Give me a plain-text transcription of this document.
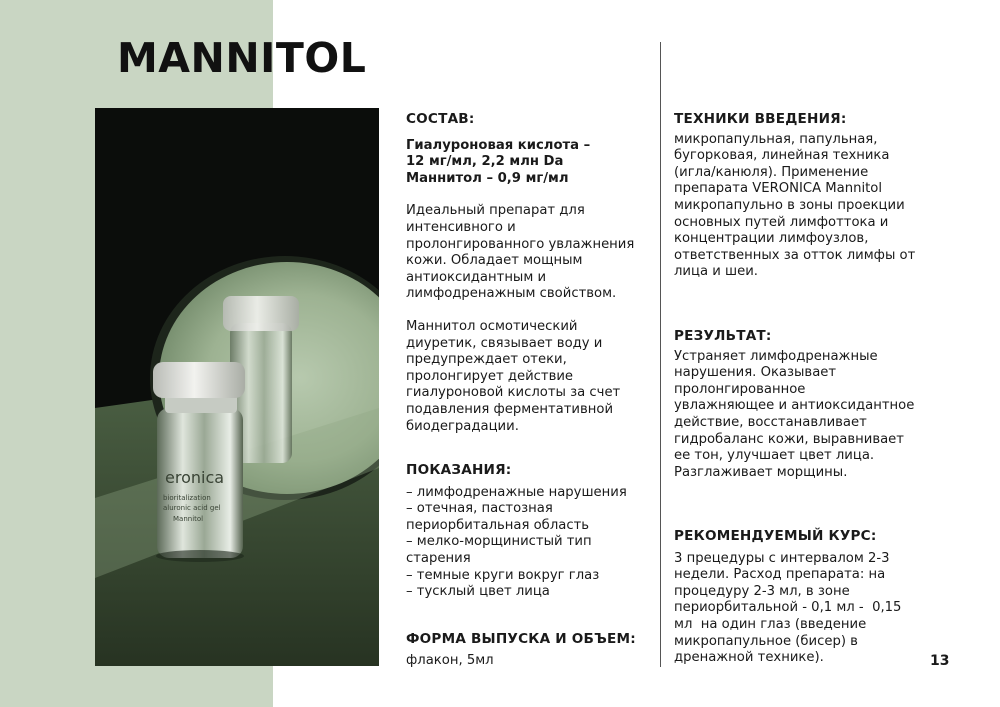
MANNITOL
eronica
bioritalization
aluronic acid gel
Mannitol

СОСТАВ:

Гиалуроновая кислота –

12 мг/мл, 2,2 млн Da

Маннитол – 0,9 мг/мл

Идеальный препарат для

интенсивного и

пролонгированного увлажнения

кожи. Обладает мощным

антиоксидантным и

лимфодренажным свойством.

Маннитол осмотический

диуретик, связывает воду и

предупреждает отеки,

пролонгирует действие

гиалуроновой кислоты за счет

подавления ферментативной

биодеградации.

ПОКАЗАНИЯ:

– лимфодренажные нарушения

– отечная, пастозная

периорбитальная область

– мелко-морщинистый тип

старения

– темные круги вокруг глаз

– тусклый цвет лица

ФОРМА ВЫПУСКА И ОБЪЕМ:

флакон, 5мл

ТЕХНИКИ ВВЕДЕНИЯ:

микропапульная, папульная,

бугорковая, линейная техника

(игла/канюля). Применение

препарата VERONICA Mannitol

микропапульно в зоны проекции

основных путей лимфоттока и

концентрации лимфоузлов,

ответственных за отток лимфы от

лица и шеи.

РЕЗУЛЬТАТ:

Устраняет лимфодренажные

нарушения. Оказывает

пролонгированное

увлажняющее и антиоксидантное

действие, восстанавливает

гидробаланс кожи, выравнивает

ее тон, улучшает цвет лица.

Разглаживает морщины.

РЕКОМЕНДУЕМЫЙ КУРС:

3 прецедуры с интервалом 2-3

недели. Расход препарата: на

процедуру 2-3 мл, в зоне

периорбитальной - 0,1 мл -  0,15

мл  на один глаз (введение

микропапульное (бисер) в

дренажной технике).	13
